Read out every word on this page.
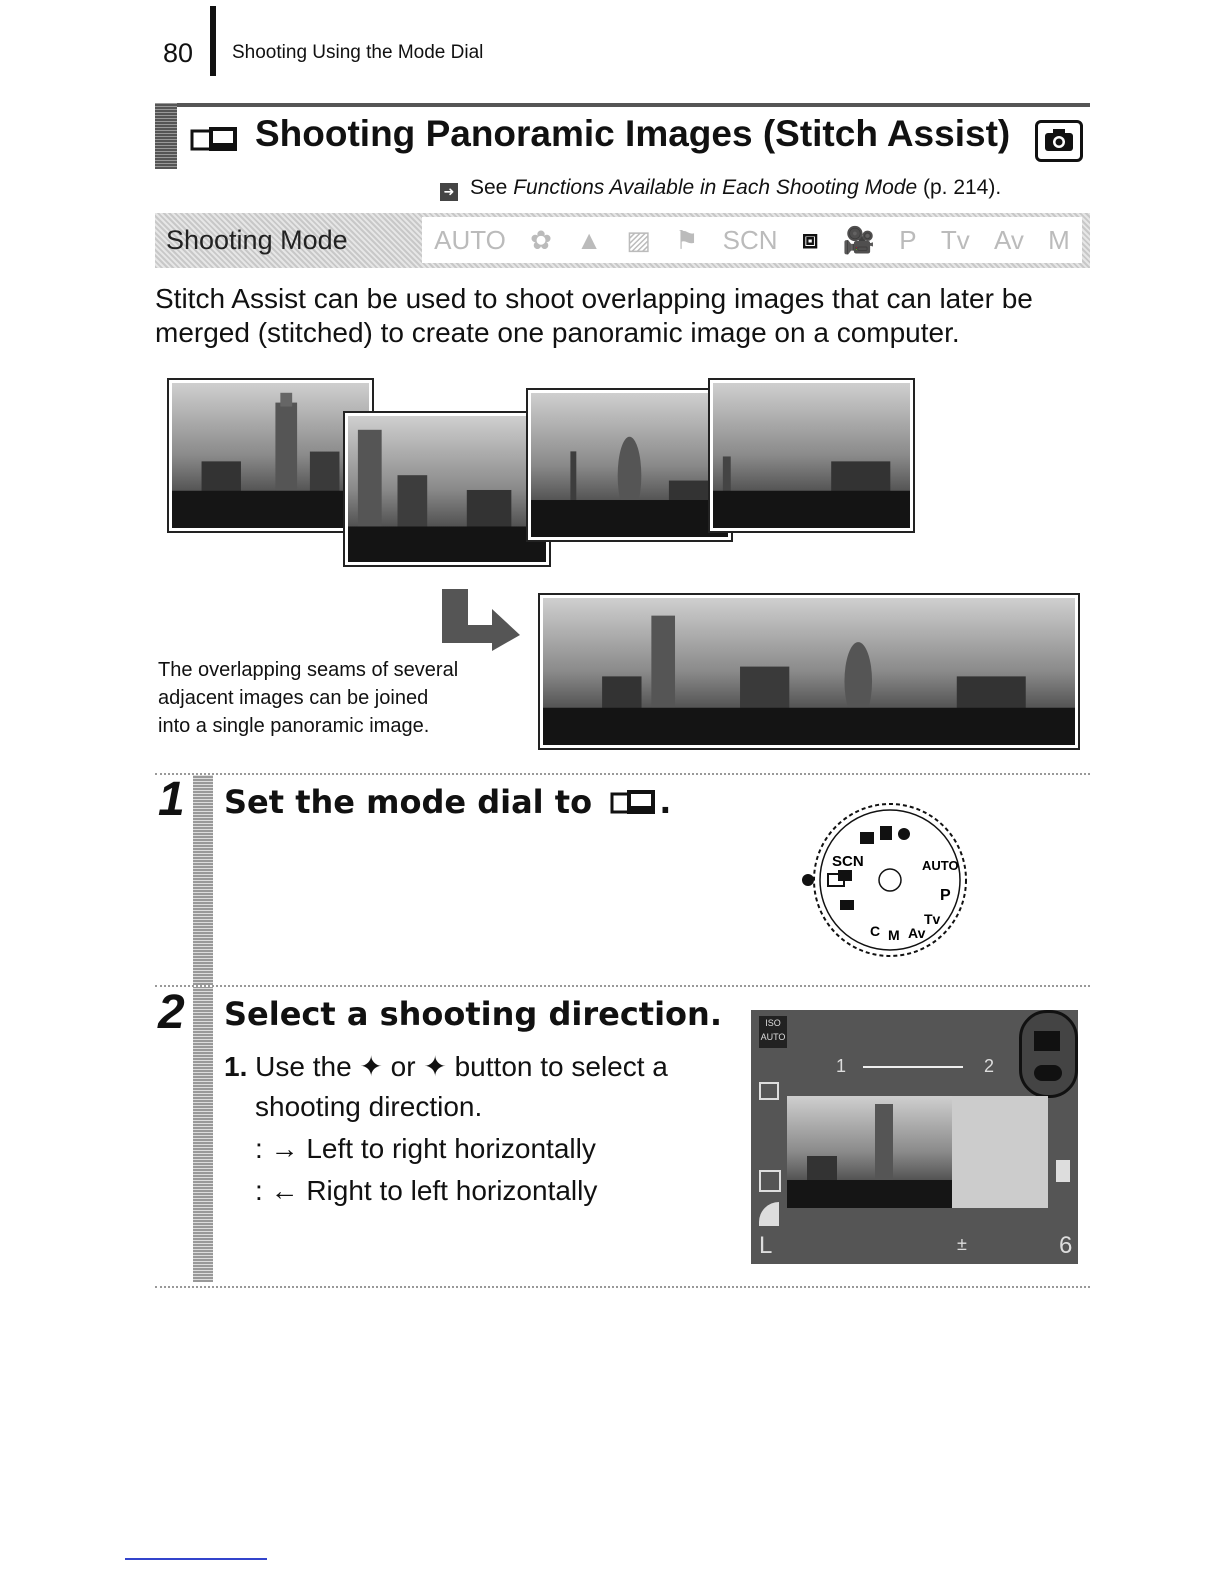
80 Shooting Using the Mode Dial
Shooting Panoramic Images (Stitch Assist)
➜ See Functions Available in Each Shooting Mode (p. 214).
Shooting Mode	AUTO ✿ ▲ ▨ ⚑ SCN ⧈ 🎥 P Tv Av M
Stitch Assist can be used to shoot overlapping images that can later be merged (stitched) to create one panoramic image on a computer.
The overlapping seams of several
adjacent images can be joined
into a single panoramic image.
1 Set the mode dial to .
SCN	AUTO
P
Tv
Av
M
C
2 Select a shooting direction.
1. Use the ✦ or ✦ button to select a
shooting direction.
: → Left to right horizontally
: ← Right to left horizontally
ISO AUTO
1	2
L	±	6
